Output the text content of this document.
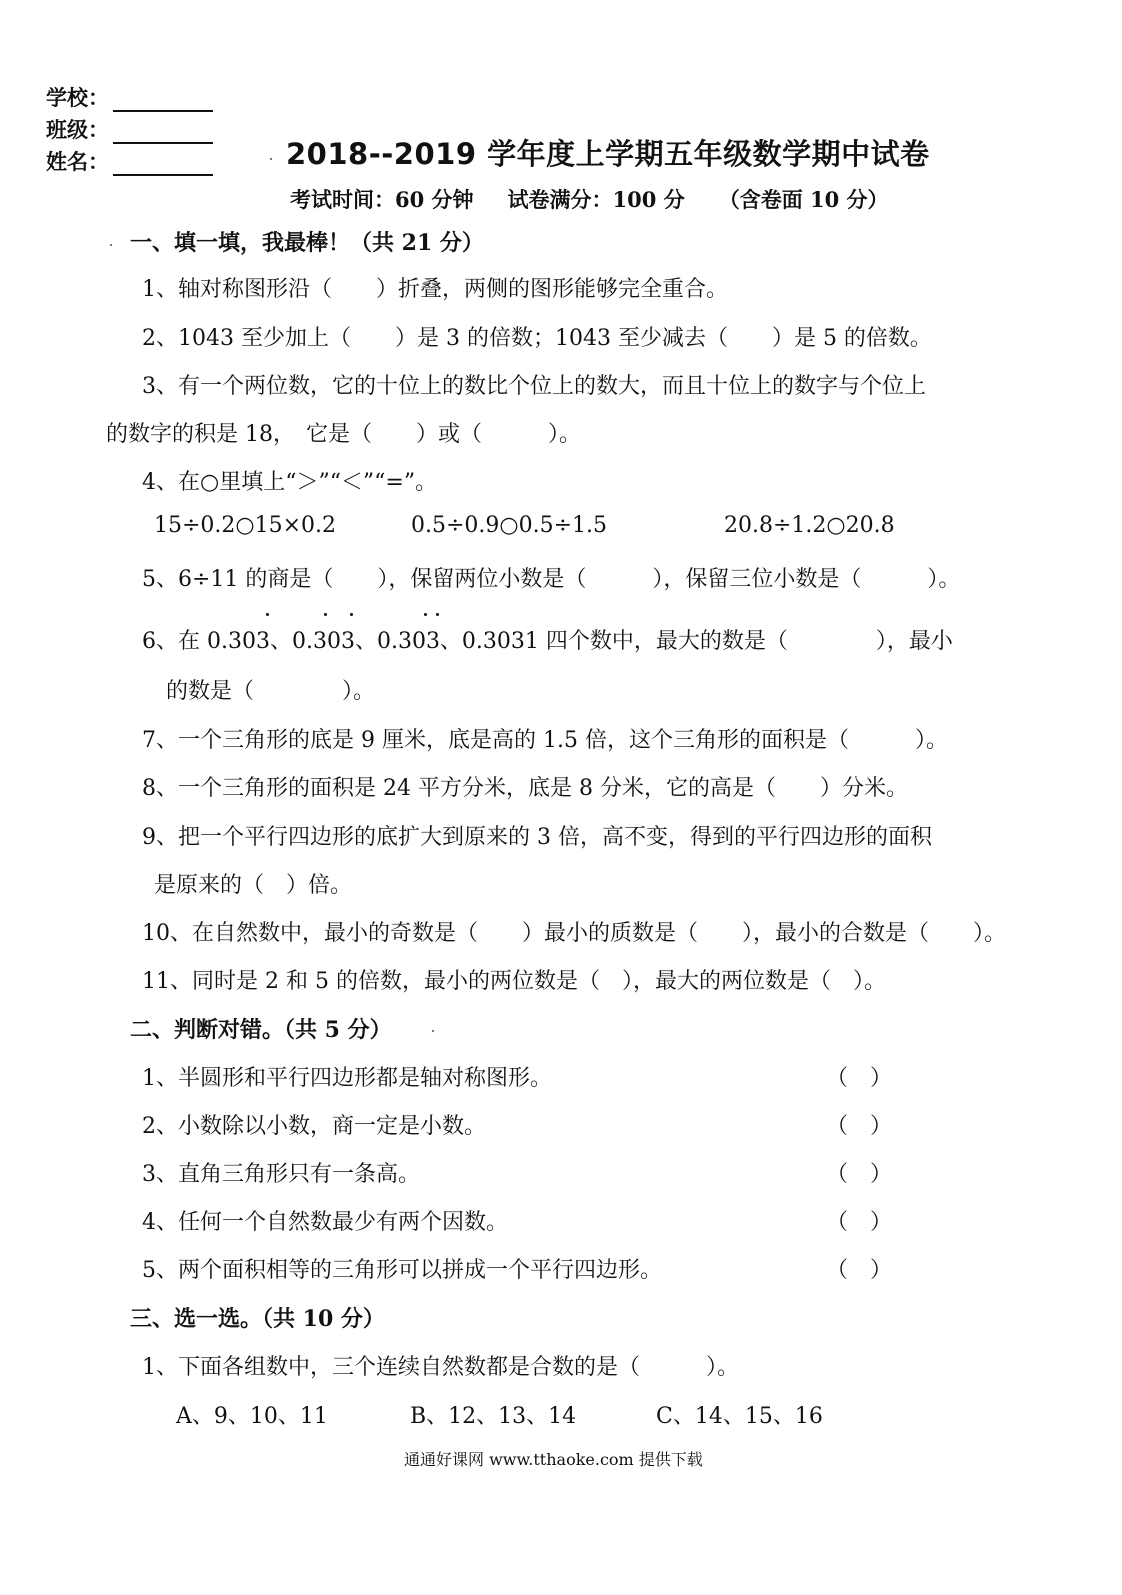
学校：
班级：
姓名：	2018--2019 学年度上学期五年级数学期中试卷
考试时间：60 分钟 试卷满分：100 分 （含卷面 10 分）
一、填一填，我最棒！（共 21 分）
1、轴对称图形沿（　　）折叠，两侧的图形能够完全重合。
2、1043 至少加上（　　）是 3 的倍数；1043 至少减去（　　）是 5 的倍数。
3、有一个两位数，它的十位上的数比个位上的数大，而且十位上的数字与个位上
的数字的积是 18，　它是（　　）或（　　　）。
4、在○里填上“＞”“＜”“=”。
15÷0.2○15×0.2	0.5÷0.9○0.5÷1.5	20.8÷1.2○20.8
5、6÷11 的商是（　　），保留两位小数是（　　　），保留三位小数是（　　　）。
6、在 0.303、0.303、0.303、0.3031 四个数中，最大的数是（　　　　），最小
的数是（　　　　）。
7、一个三角形的底是 9 厘米，底是高的 1.5 倍，这个三角形的面积是（　　　）。
8、一个三角形的面积是 24 平方分米，底是 8 分米，它的高是（　　）分米。
9、把一个平行四边形的底扩大到原来的 3 倍，高不变，得到的平行四边形的面积
是原来的（　）倍。
10、在自然数中，最小的奇数是（　　）最小的质数是（　　），最小的合数是（　　）。
11、同时是 2 和 5 的倍数，最小的两位数是（　），最大的两位数是（　）。
二、判断对错。（共 5 分）
1、半圆形和平行四边形都是轴对称图形。	（　）
2、小数除以小数，商一定是小数。	（　）
3、直角三角形只有一条高。	（　）
4、任何一个自然数最少有两个因数。	（　）
5、两个面积相等的三角形可以拼成一个平行四边形。	（　）
三、选一选。（共 10 分）
1、下面各组数中，三个连续自然数都是合数的是（　　　）。
A、9、10、11	B、12、13、14	C、14、15、16
通通好课网 www.tthaoke.com 提供下载
